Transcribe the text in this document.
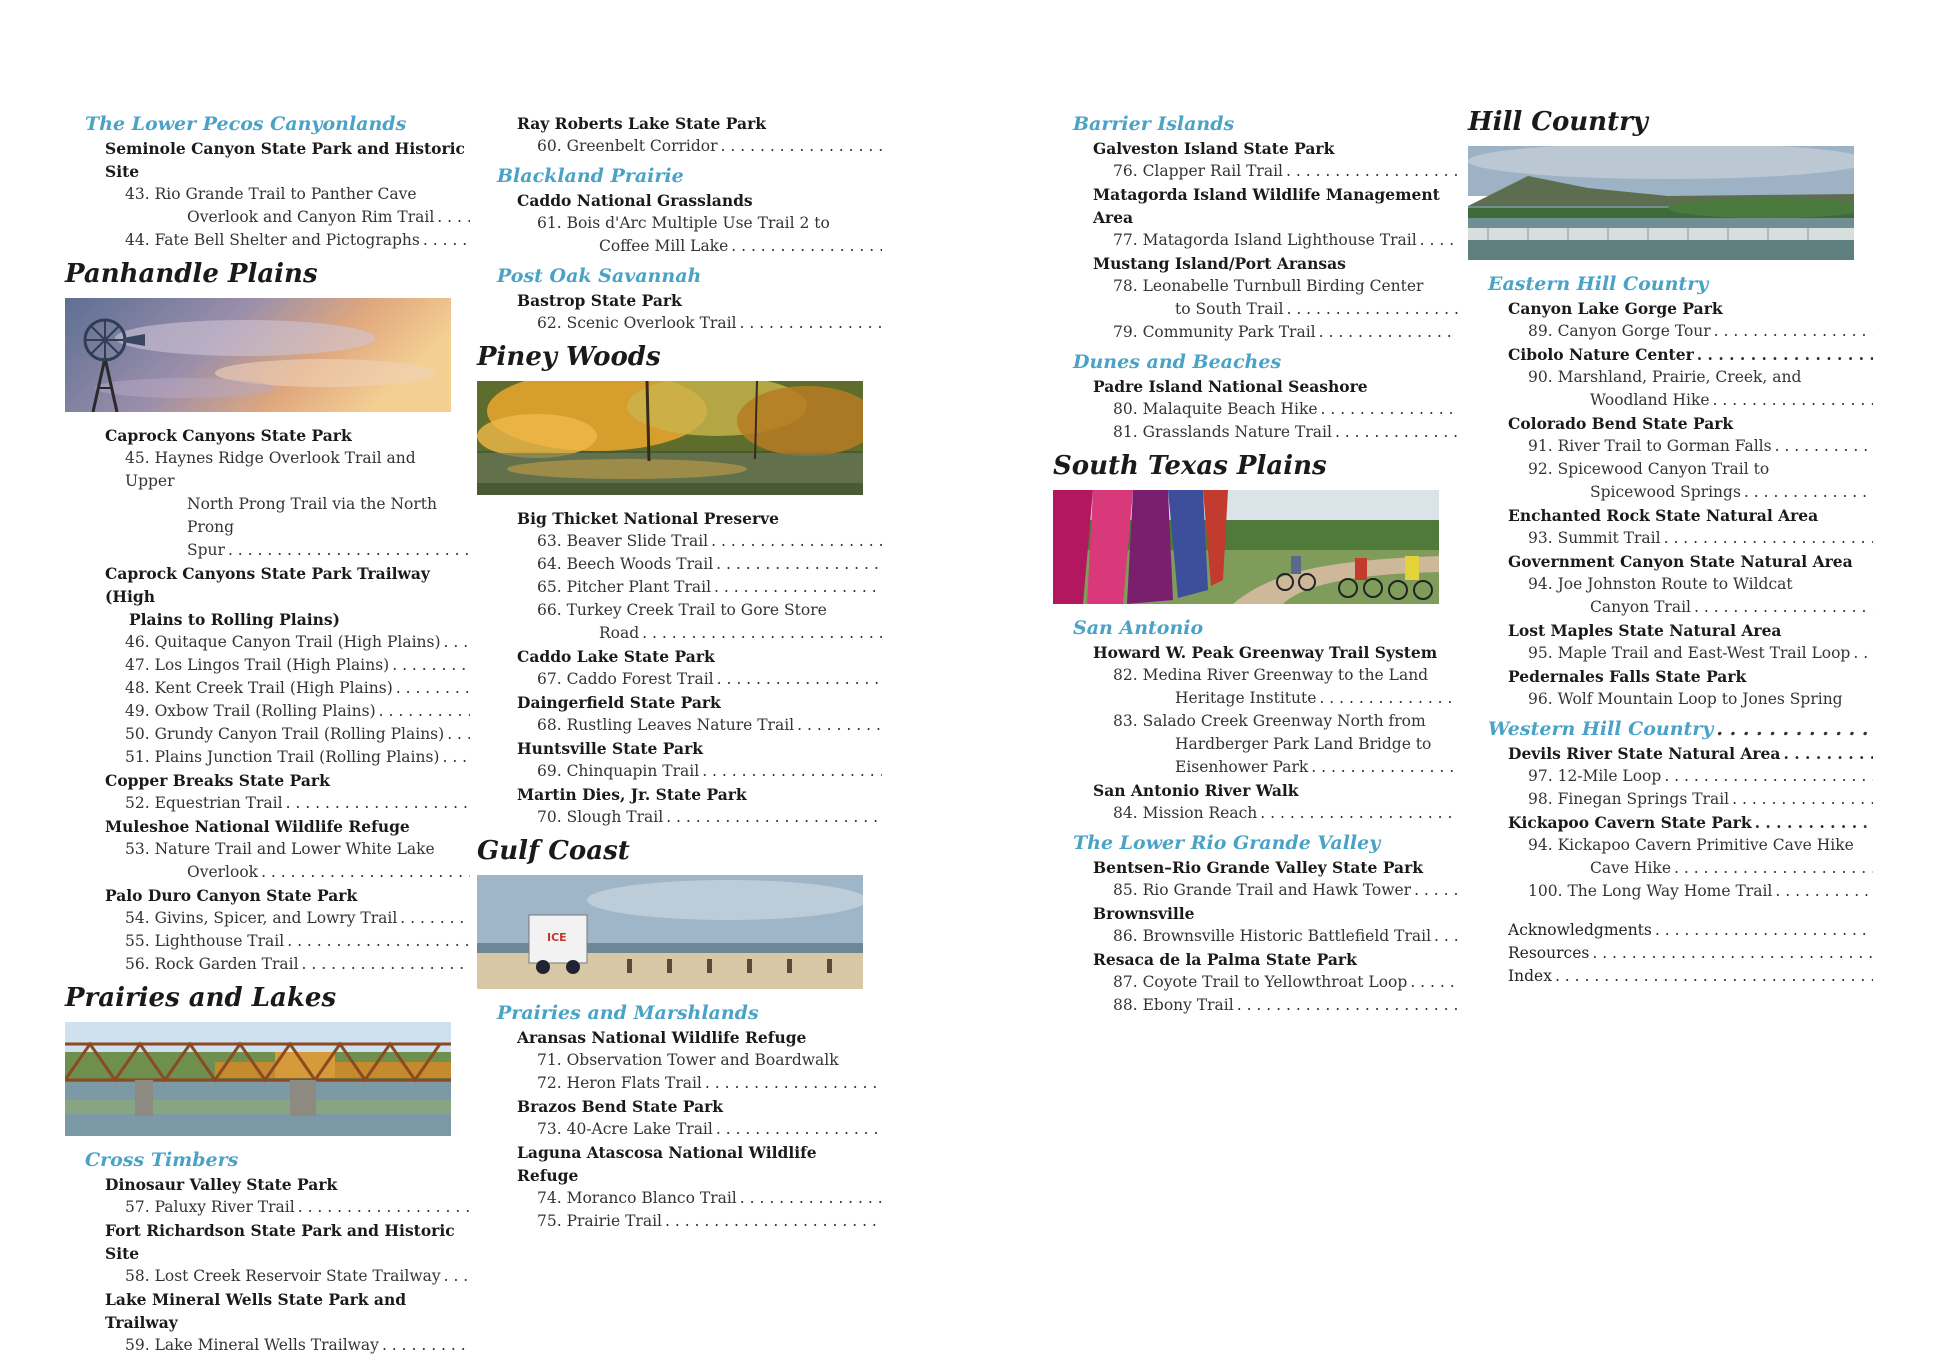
The Lower Pecos Canyonlands
Seminole Canyon State Park and Historic Site
43. Rio Grande Trail to Panther Cave
Overlook and Canyon Rim Trail
. . .
44. Fate Bell Shelter and Pictographs
. . .
Panhandle Plains
Caprock Canyons State Park
45. Haynes Ridge Overlook Trail and Upper
North Prong Trail via the North Prong
Spur
. . .
Caprock Canyons State Park Trailway (High
Plains to Rolling Plains)
46. Quitaque Canyon Trail (High Plains)
. . .
47. Los Lingos Trail (High Plains)
. . .
48. Kent Creek Trail (High Plains)
. . .
49. Oxbow Trail (Rolling Plains)
. . .
50. Grundy Canyon Trail (Rolling Plains)
. . .
51. Plains Junction Trail (Rolling Plains)
. . .
Copper Breaks State Park
52. Equestrian Trail
. . .
Muleshoe National Wildlife Refuge
53. Nature Trail and Lower White Lake
Overlook
. . .
Palo Duro Canyon State Park
54. Givins, Spicer, and Lowry Trail
. . .
55. Lighthouse Trail
. . .
56. Rock Garden Trail
. . .
Prairies and Lakes
Cross Timbers
Dinosaur Valley State Park
57. Paluxy River Trail
. . .
Fort Richardson State Park and Historic Site
58. Lost Creek Reservoir State Trailway
. . .
Lake Mineral Wells State Park and Trailway
59. Lake Mineral Wells Trailway
. . .
Ray Roberts Lake State Park
60. Greenbelt Corridor
. . .
Blackland Prairie
Caddo National Grasslands
61. Bois d'Arc Multiple Use Trail 2 to
Coffee Mill Lake
. . .
Post Oak Savannah
Bastrop State Park
62. Scenic Overlook Trail
. . .
Piney Woods
Big Thicket National Preserve
63. Beaver Slide Trail
. . .
64. Beech Woods Trail
. . .
65. Pitcher Plant Trail
. . .
66. Turkey Creek Trail to Gore Store
Road
. . .
Caddo Lake State Park
67. Caddo Forest Trail
. . .
Daingerfield State Park
68. Rustling Leaves Nature Trail
. . .
Huntsville State Park
69. Chinquapin Trail
. . .
Martin Dies, Jr. State Park
70. Slough Trail
. . .
Gulf Coast
ICE
Prairies and Marshlands
Aransas National Wildlife Refuge
71. Observation Tower and Boardwalk
72. Heron Flats Trail
. . .
Brazos Bend State Park
73. 40-Acre Lake Trail
. . .
Laguna Atascosa National Wildlife Refuge
74. Moranco Blanco Trail
. . .
75. Prairie Trail
. . .
Barrier Islands
Galveston Island State Park
76. Clapper Rail Trail
. . .
Matagorda Island Wildlife Management Area
77. Matagorda Island Lighthouse Trail
. . .
Mustang Island/Port Aransas
78. Leonabelle Turnbull Birding Center
to South Trail
. . .
79. Community Park Trail
. . .
Dunes and Beaches
Padre Island National Seashore
80. Malaquite Beach Hike
. . .
81. Grasslands Nature Trail
. . .
South Texas Plains
San Antonio
Howard W. Peak Greenway Trail System
82. Medina River Greenway to the Land
Heritage Institute
. . .
83. Salado Creek Greenway North from
Hardberger Park Land Bridge to
Eisenhower Park
. . .
San Antonio River Walk
84. Mission Reach
. . .
The Lower Rio Grande Valley
Bentsen–Rio Grande Valley State Park
85. Rio Grande Trail and Hawk Tower
. . .
Brownsville
86. Brownsville Historic Battlefield Trail
. . .
Resaca de la Palma State Park
87. Coyote Trail to Yellowthroat Loop
. . .
88. Ebony Trail
. . .
Hill Country
Eastern Hill Country
Canyon Lake Gorge Park
89. Canyon Gorge Tour
. . .
Cibolo Nature Center
. . .
90. Marshland, Prairie, Creek, and
Woodland Hike
. . .
Colorado Bend State Park
91. River Trail to Gorman Falls
. . .
92. Spicewood Canyon Trail to
Spicewood Springs
. . .
Enchanted Rock State Natural Area
93. Summit Trail
. . .
Government Canyon State Natural Area
94. Joe Johnston Route to Wildcat
Canyon Trail
. . .
Lost Maples State Natural Area
95. Maple Trail and East-West Trail Loop
. . .
Pedernales Falls State Park
96. Wolf Mountain Loop to Jones Spring
Western Hill Country
. . .
Devils River State Natural Area
. . .
97. 12-Mile Loop
. . .
98. Finegan Springs Trail
. . .
Kickapoo Cavern State Park
. . .
94. Kickapoo Cavern Primitive Cave Hike
Cave Hike
. . .
100. The Long Way Home Trail
. . .
Acknowledgments
. . .
Resources
. . .
Index
. . .
